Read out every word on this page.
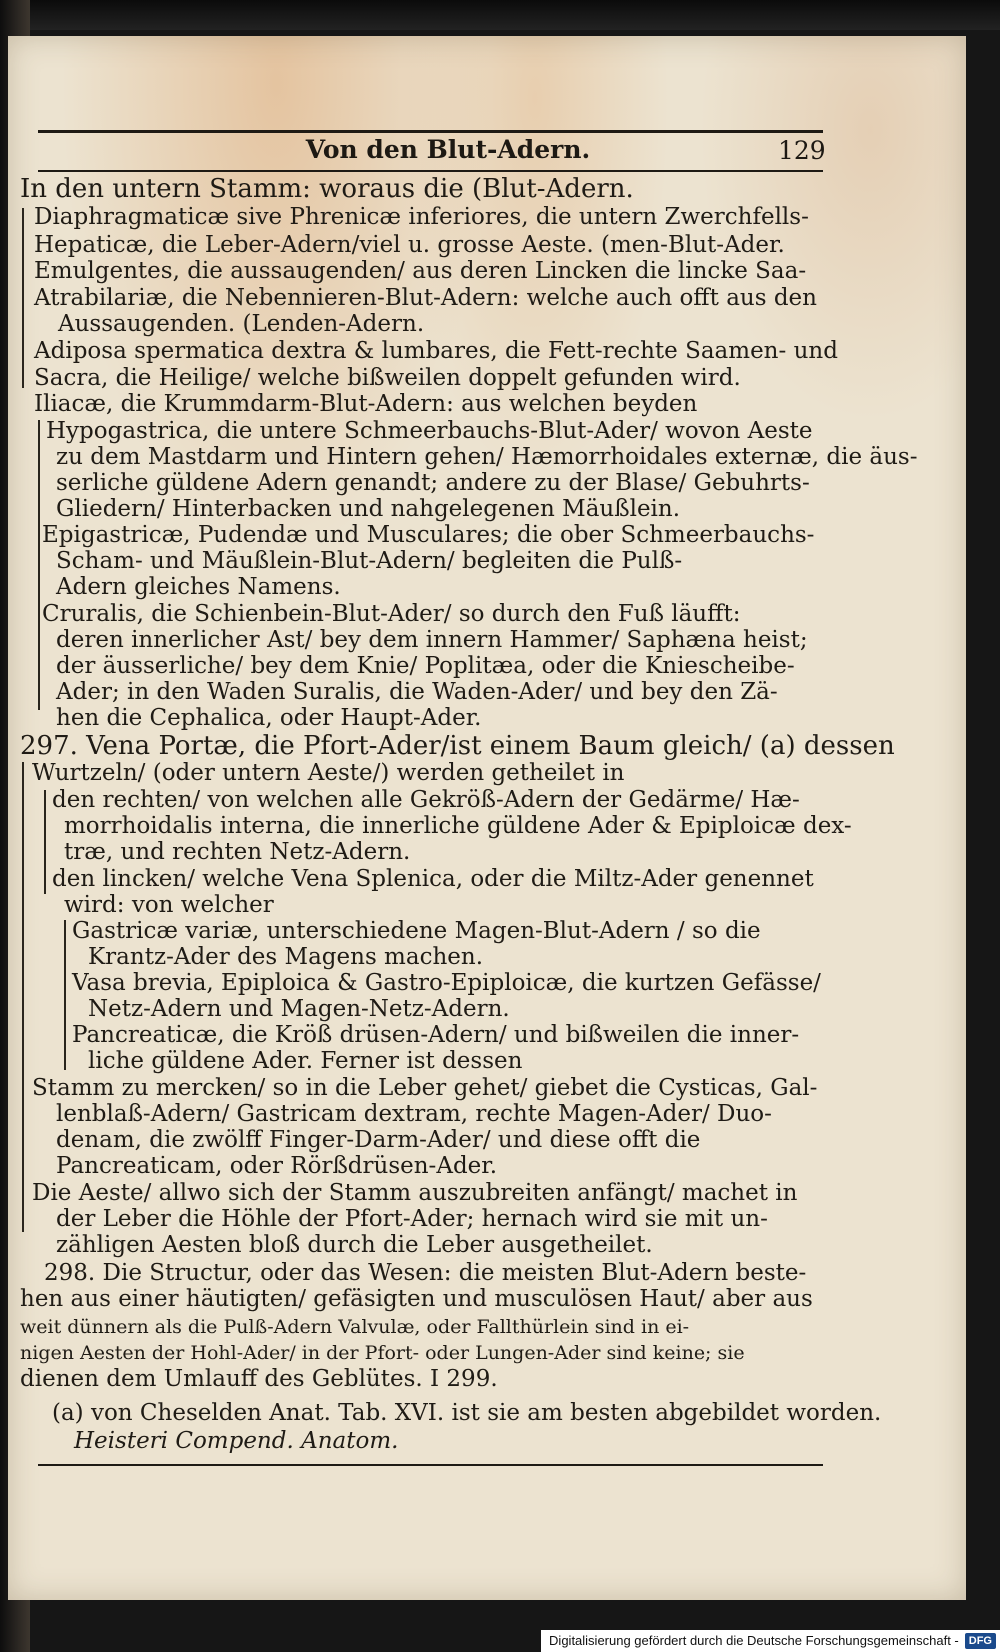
Von den Blut-Adern.	129
In den untern Stamm: woraus die (Blut-Adern.
Diaphragmaticæ sive Phrenicæ inferiores, die untern Zwerchfells-
Hepaticæ, die Leber-Adern/viel u. grosse Aeste. (men-Blut-Ader.
Emulgentes, die aussaugenden/ aus deren Lincken die lincke Saa-
Atrabilariæ, die Nebennieren-Blut-Adern: welche auch offt aus den
Aussaugenden. (Lenden-Adern.
Adiposa spermatica dextra & lumbares, die Fett-rechte Saamen- und
Sacra, die Heilige/ welche bißweilen doppelt gefunden wird.
Iliacæ, die Krummdarm-Blut-Adern: aus welchen beyden
Hypogastrica, die untere Schmeerbauchs-Blut-Ader/ wovon Aeste
zu dem Mastdarm und Hintern gehen/ Hæmorrhoidales externæ, die äus-
serliche güldene Adern genandt; andere zu der Blase/ Gebuhrts-
Gliedern/ Hinterbacken und nahgelegenen Mäußlein.
Epigastricæ, Pudendæ und Musculares; die ober Schmeerbauchs-
Scham- und Mäußlein-Blut-Adern/ begleiten die Pulß-
Adern gleiches Namens.
Cruralis, die Schienbein-Blut-Ader/ so durch den Fuß läufft:
deren innerlicher Ast/ bey dem innern Hammer/ Saphæna heist;
der äusserliche/ bey dem Knie/ Poplitæa, oder die Kniescheibe-
Ader; in den Waden Suralis, die Waden-Ader/ und bey den Zä-
hen die Cephalica, oder Haupt-Ader.
297. Vena Portæ, die Pfort-Ader/ist einem Baum gleich/ (a) dessen
Wurtzeln/ (oder untern Aeste/) werden getheilet in
den rechten/ von welchen alle Gekröß-Adern der Gedärme/ Hæ-
morrhoidalis interna, die innerliche güldene Ader & Epiploicæ dex-
træ, und rechten Netz-Adern.
den lincken/ welche Vena Splenica, oder die Miltz-Ader genennet
wird: von welcher
Gastricæ variæ, unterschiedene Magen-Blut-Adern / so die
Krantz-Ader des Magens machen.
Vasa brevia, Epiploica & Gastro-Epiploicæ, die kurtzen Gefässe/
Netz-Adern und Magen-Netz-Adern.
Pancreaticæ, die Kröß drüsen-Adern/ und bißweilen die inner-
liche güldene Ader. Ferner ist dessen
Stamm zu mercken/ so in die Leber gehet/ giebet die Cysticas, Gal-
lenblaß-Adern/ Gastricam dextram, rechte Magen-Ader/ Duo-
denam, die zwölff Finger-Darm-Ader/ und diese offt die
Pancreaticam, oder Rörßdrüsen-Ader.
Die Aeste/ allwo sich der Stamm auszubreiten anfängt/ machet in
der Leber die Höhle der Pfort-Ader; hernach wird sie mit un-
zähligen Aesten bloß durch die Leber ausgetheilet.
298. Die Structur, oder das Wesen: die meisten Blut-Adern beste-
hen aus einer häutigten/ gefäsigten und musculösen Haut/ aber aus
weit dünnern als die Pulß-Adern Valvulæ, oder Fallthürlein sind in ei-
nigen Aesten der Hohl-Ader/ in der Pfort- oder Lungen-Ader sind keine; sie
dienen dem Umlauff des Geblütes. I 299.
(a) von Cheselden Anat. Tab. XVI. ist sie am besten abgebildet worden.
Heisteri Compend. Anatom.
Digitalisierung gefördert durch die Deutsche Forschungsgemeinschaft - DFG
